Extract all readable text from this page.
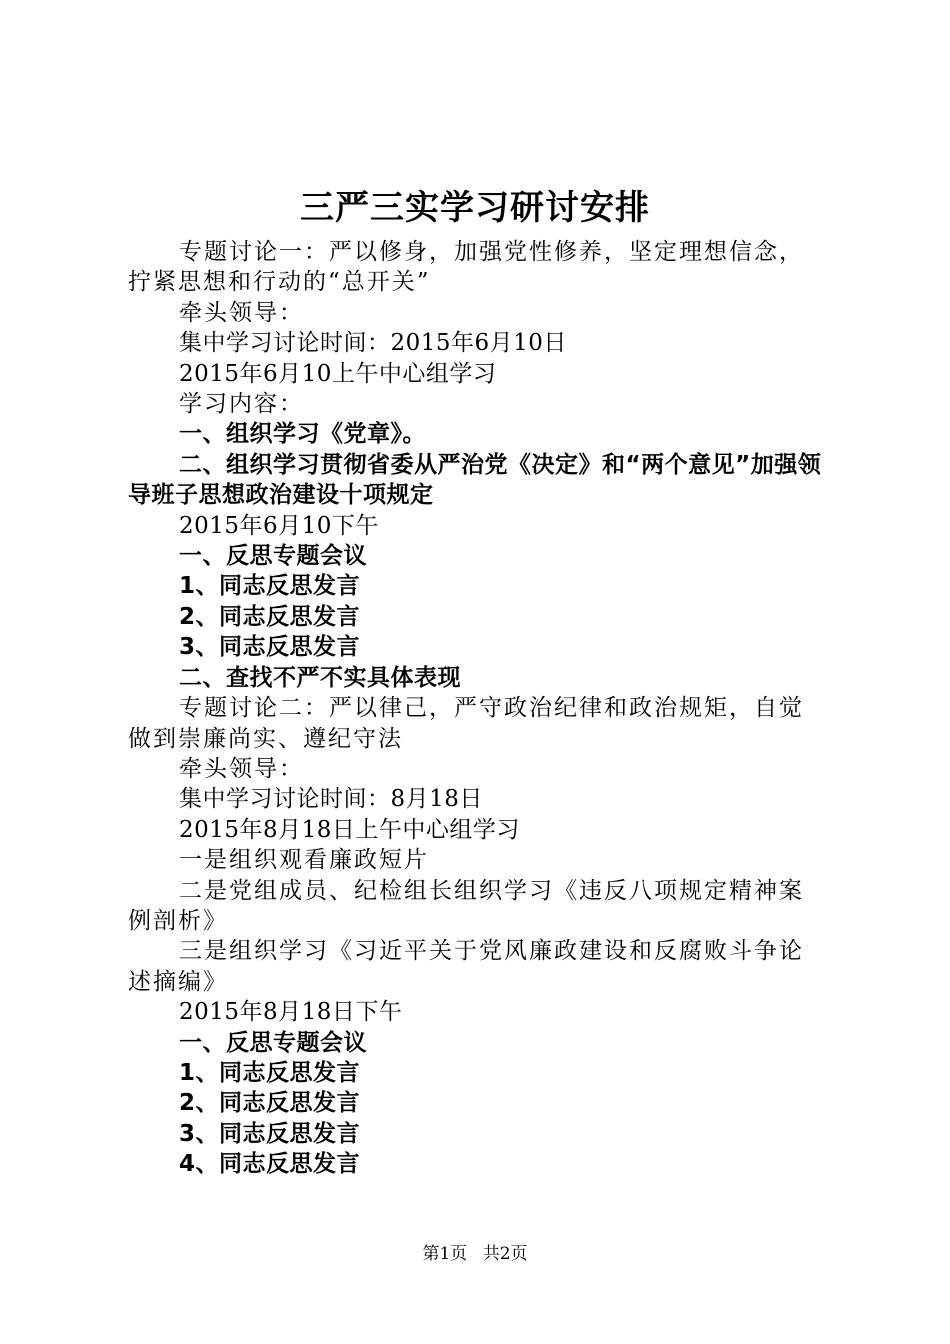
三严三实学习研讨安排

专题讨论一：严以修身，加强党性修养，坚定理想信念，拧紧思想和行动的“总开关”

牵头领导：

集中学习讨论时间：2015年6月10日

2015年6月10上午中心组学习

学习内容：

一、组织学习《党章》。

二、组织学习贯彻省委从严治党《决定》和“两个意见”加强领导班子思想政治建设十项规定

2015年6月10下午

一、反思专题会议

1、同志反思发言

2、同志反思发言

3、同志反思发言

二、查找不严不实具体表现

专题讨论二：严以律己，严守政治纪律和政治规矩，自觉做到崇廉尚实、遵纪守法

牵头领导：

集中学习讨论时间：8月18日

2015年8月18日上午中心组学习

一是组织观看廉政短片

二是党组成员、纪检组长组织学习《违反八项规定精神案例剖析》

三是组织学习《习近平关于党风廉政建设和反腐败斗争论述摘编》

2015年8月18日下午

一、反思专题会议

1、同志反思发言

2、同志反思发言

3、同志反思发言

4、同志反思发言

第1页 共2页
